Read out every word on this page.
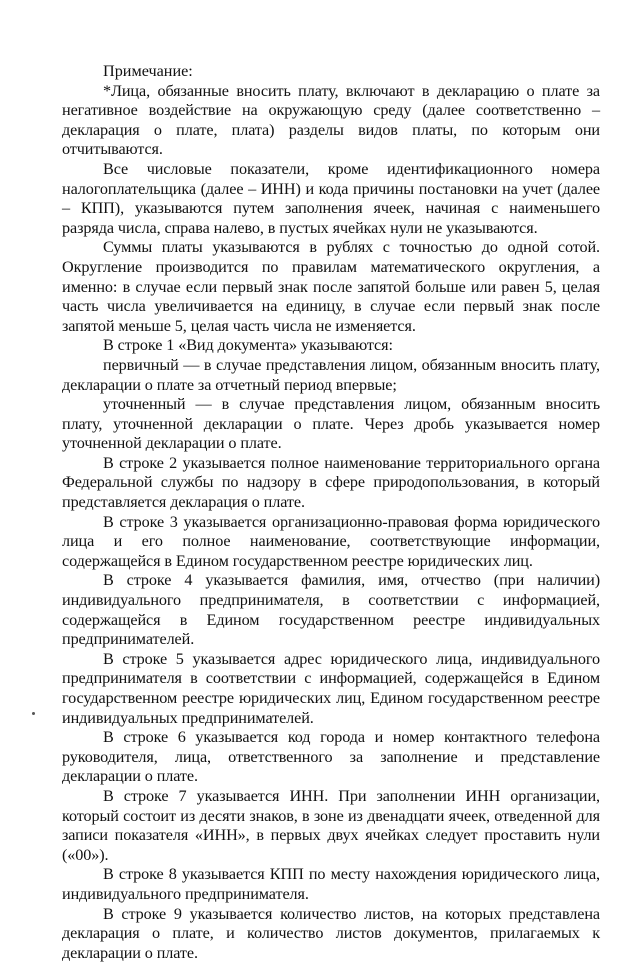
Примечание:

*Лица, обязанные вносить плату, включают в декларацию о плате за негативное воздействие на окружающую среду (далее соответственно – декларация о плате, плата) разделы видов платы, по которым они отчитываются.

Все числовые показатели, кроме идентификационного номера налогоплательщика (далее – ИНН) и кода причины постановки на учет (далее – КПП), указываются путем заполнения ячеек, начиная с наименьшего разряда числа, справа налево, в пустых ячейках нули не указываются.

Суммы платы указываются в рублях с точностью до одной сотой. Округление производится по правилам математического округления, а именно: в случае если первый знак после запятой больше или равен 5, целая часть числа увеличивается на единицу, в случае если первый знак после запятой меньше 5, целая часть числа не изменяется.

В строке 1 «Вид документа» указываются:

первичный — в случае представления лицом, обязанным вносить плату, декларации о плате за отчетный период впервые;

уточненный — в случае представления лицом, обязанным вносить плату, уточненной декларации о плате. Через дробь указывается номер уточненной декларации о плате.

В строке 2 указывается полное наименование территориального органа Федеральной службы по надзору в сфере природопользования, в который представляется декларация о плате.

В строке 3 указывается организационно-правовая форма юридического лица и его полное наименование, соответствующие информации, содержащейся в Едином государственном реестре юридических лиц.

В строке 4 указывается фамилия, имя, отчество (при наличии) индивидуального предпринимателя, в соответствии с информацией, содержащейся в Едином государственном реестре индивидуальных предпринимателей.

В строке 5 указывается адрес юридического лица, индивидуального предпринимателя в соответствии с информацией, содержащейся в Едином государственном реестре юридических лиц, Едином государственном реестре индивидуальных предпринимателей.

В строке 6 указывается код города и номер контактного телефона руководителя, лица, ответственного за заполнение и представление декларации о плате.

В строке 7 указывается ИНН. При заполнении ИНН организации, который состоит из десяти знаков, в зоне из двенадцати ячеек, отведенной для записи показателя «ИНН», в первых двух ячейках следует проставить нули («00»).

В строке 8 указывается КПП по месту нахождения юридического лица, индивидуального предпринимателя.

В строке 9 указывается количество листов, на которых представлена декларация о плате, и количество листов документов, прилагаемых к декларации о плате.
